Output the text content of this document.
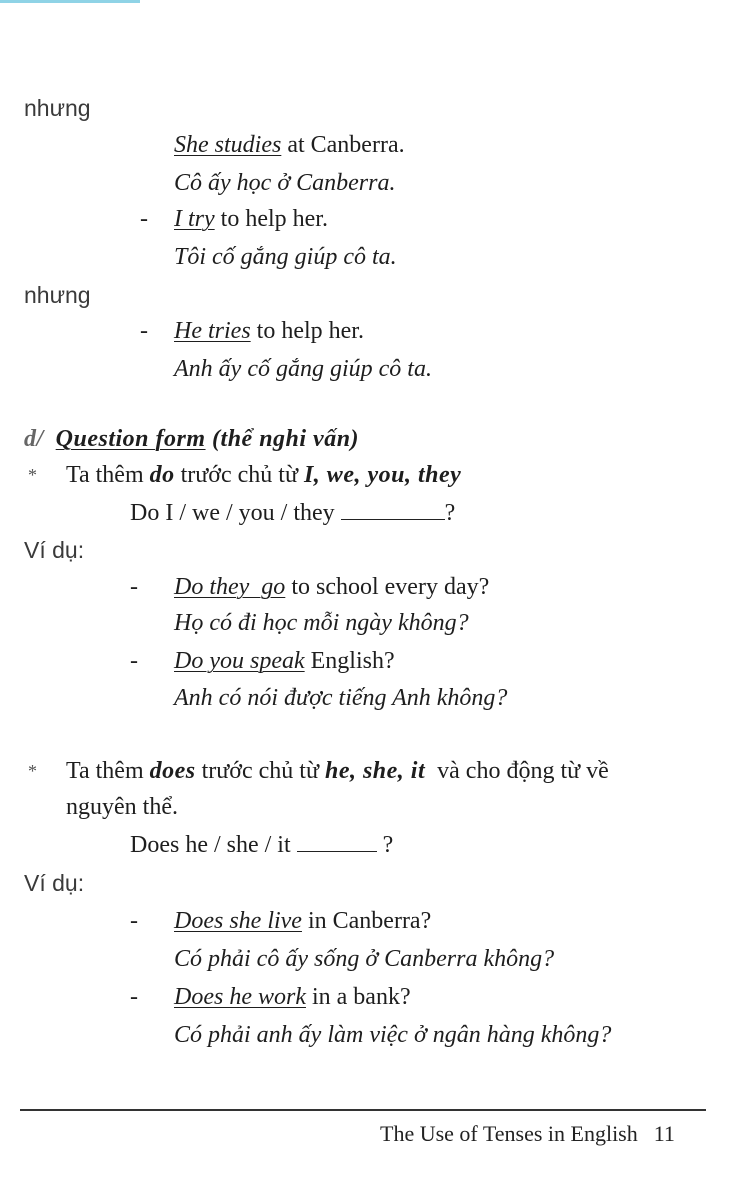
nhưng
She studies at Canberra.
Cô ấy học ở Canberra.
- I try to help her.
Tôi cố gắng giúp cô ta.
nhưng
- He tries to help her.
Anh ấy cố gắng giúp cô ta.
d/ Question form (thể nghi vấn)
* Ta thêm do trước chủ từ I, we, you, they
Do I / we / you / they	?
Ví dụ:
- Do they  go to school every day?
Họ có đi học mỗi ngày không?
- Do you speak English?
Anh có nói được tiếng Anh không?
* Ta thêm does trước chủ từ he, she, it  và cho động từ về
nguyên thể.
Does he / she / it	?
Ví dụ:
- Does she live in Canberra?
Có phải cô ấy sống ở Canberra không?
- Does he work in a bank?
Có phải anh ấy làm việc ở ngân hàng không?
The Use of Tenses in English 11
